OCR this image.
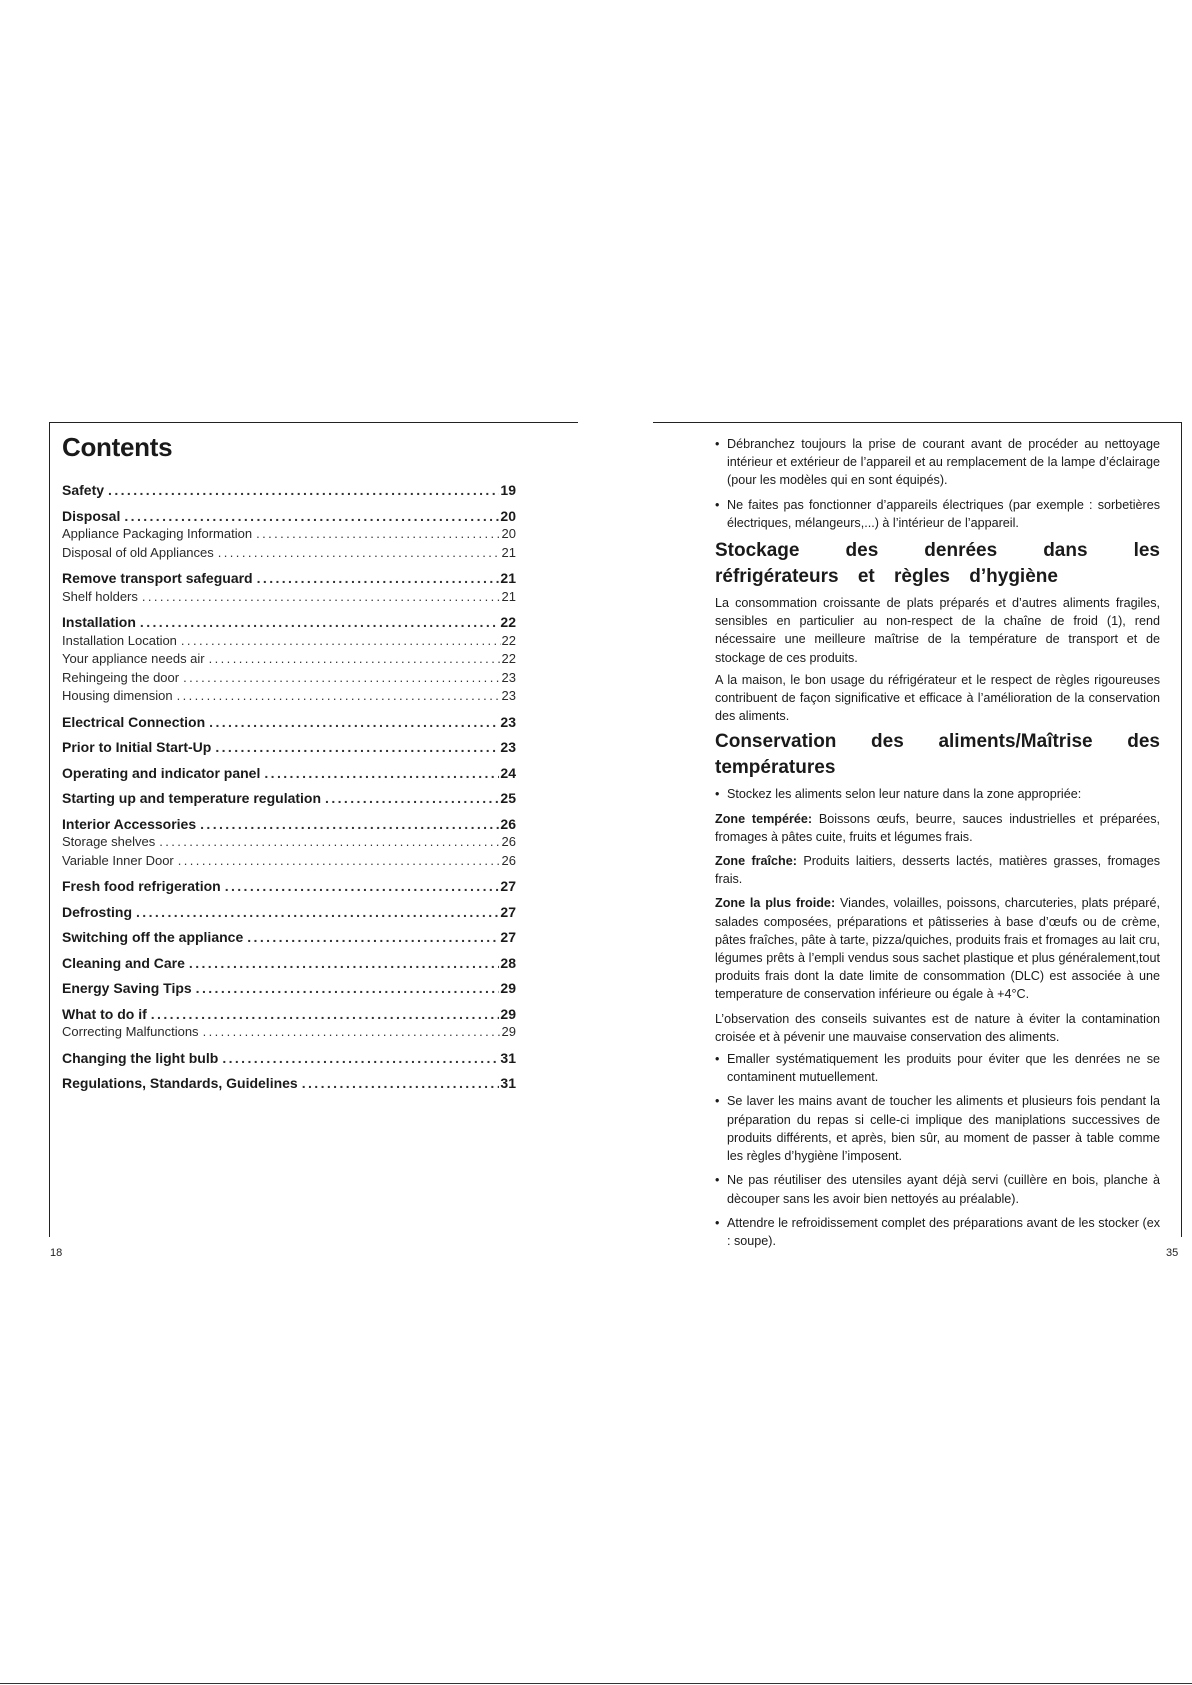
Contents
Safety .....	19
Disposal .....	20
Appliance Packaging Information .....	20
Disposal of old Appliances .....	21
Remove transport safeguard .....	21
Shelf holders .....	21
Installation .....	22
Installation Location .....	22
Your appliance needs air .....	22
Rehingeing the door .....	23
Housing dimension .....	23
Electrical Connection .....	23
Prior to Initial Start-Up .....	23
Operating and indicator panel .....	24
Starting up and temperature regulation .....	25
Interior Accessories .....	26
Storage shelves .....	26
Variable Inner Door .....	26
Fresh food refrigeration .....	27
Defrosting .....	27
Switching off the appliance .....	27
Cleaning and Care .....	28
Energy Saving Tips .....	29
What to do if .....	29
Correcting Malfunctions .....	29
Changing the light bulb .....	31
Regulations, Standards, Guidelines .....	31
18
• Débranchez toujours la prise de courant avant de procéder au nettoyage intérieur et extérieur de l’appareil et au remplacement de la lampe d’éclairage (pour les modèles qui en sont équipés).
• Ne faites pas fonctionner d’appareils électriques (par exemple : sorbetières électriques, mélangeurs,...) à l’intérieur de l’appareil.
Stockage des denrées dans les réfrigérateurs et règles d’hygiène

La consommation croissante de plats préparés et d’autres aliments fragiles, sensibles en particulier au non-respect de la chaîne de froid (1), rend nécessaire une meilleure maîtrise de la température de transport et de stockage de ces produits.

A la maison, le bon usage du réfrigérateur et le respect de règles rigoureuses contribuent de façon significative et efficace à l’amélioration de la conservation des aliments.

Conservation des aliments/Maîtrise des températures
• Stockez les aliments selon leur nature dans la zone appropriée:

Zone tempérée: Boissons œufs, beurre, sauces industrielles et préparées, fromages à pâtes cuite, fruits et légumes frais.

Zone fraîche: Produits laitiers, desserts lactés, matières grasses, fromages frais.

Zone la plus froide: Viandes, volailles, poissons, charcuteries, plats préparé, salades composées, préparations et pâtisseries à base d’œufs ou de crème, pâtes fraîches, pâte à tarte, pizza/quiches, produits frais et fromages au lait cru, légumes prêts à l’empli vendus sous sachet plastique et plus généralement,tout produits frais dont la date limite de consommation (DLC) est associée à une temperature de conservation inférieure ou égale à +4°C.

L’observation des conseils suivantes est de nature à éviter la contamination croisée et à pévenir une mauvaise conservation des aliments.

• Emaller systématiquement les produits pour éviter que les denrées ne se contaminent mutuellement.
• Se laver les mains avant de toucher les aliments et plusieurs fois pendant la préparation du repas si celle-ci implique des maniplations successives de produits différents, et après, bien sûr, au moment de passer à table comme les règles d’hygiène l’imposent.
• Ne pas réutiliser des utensiles ayant déjà servi (cuillère en bois, planche à dècouper sans les avoir bien nettoyés au préalable).
• Attendre le refroidissement complet des préparations avant de les stocker (ex : soupe).
35
